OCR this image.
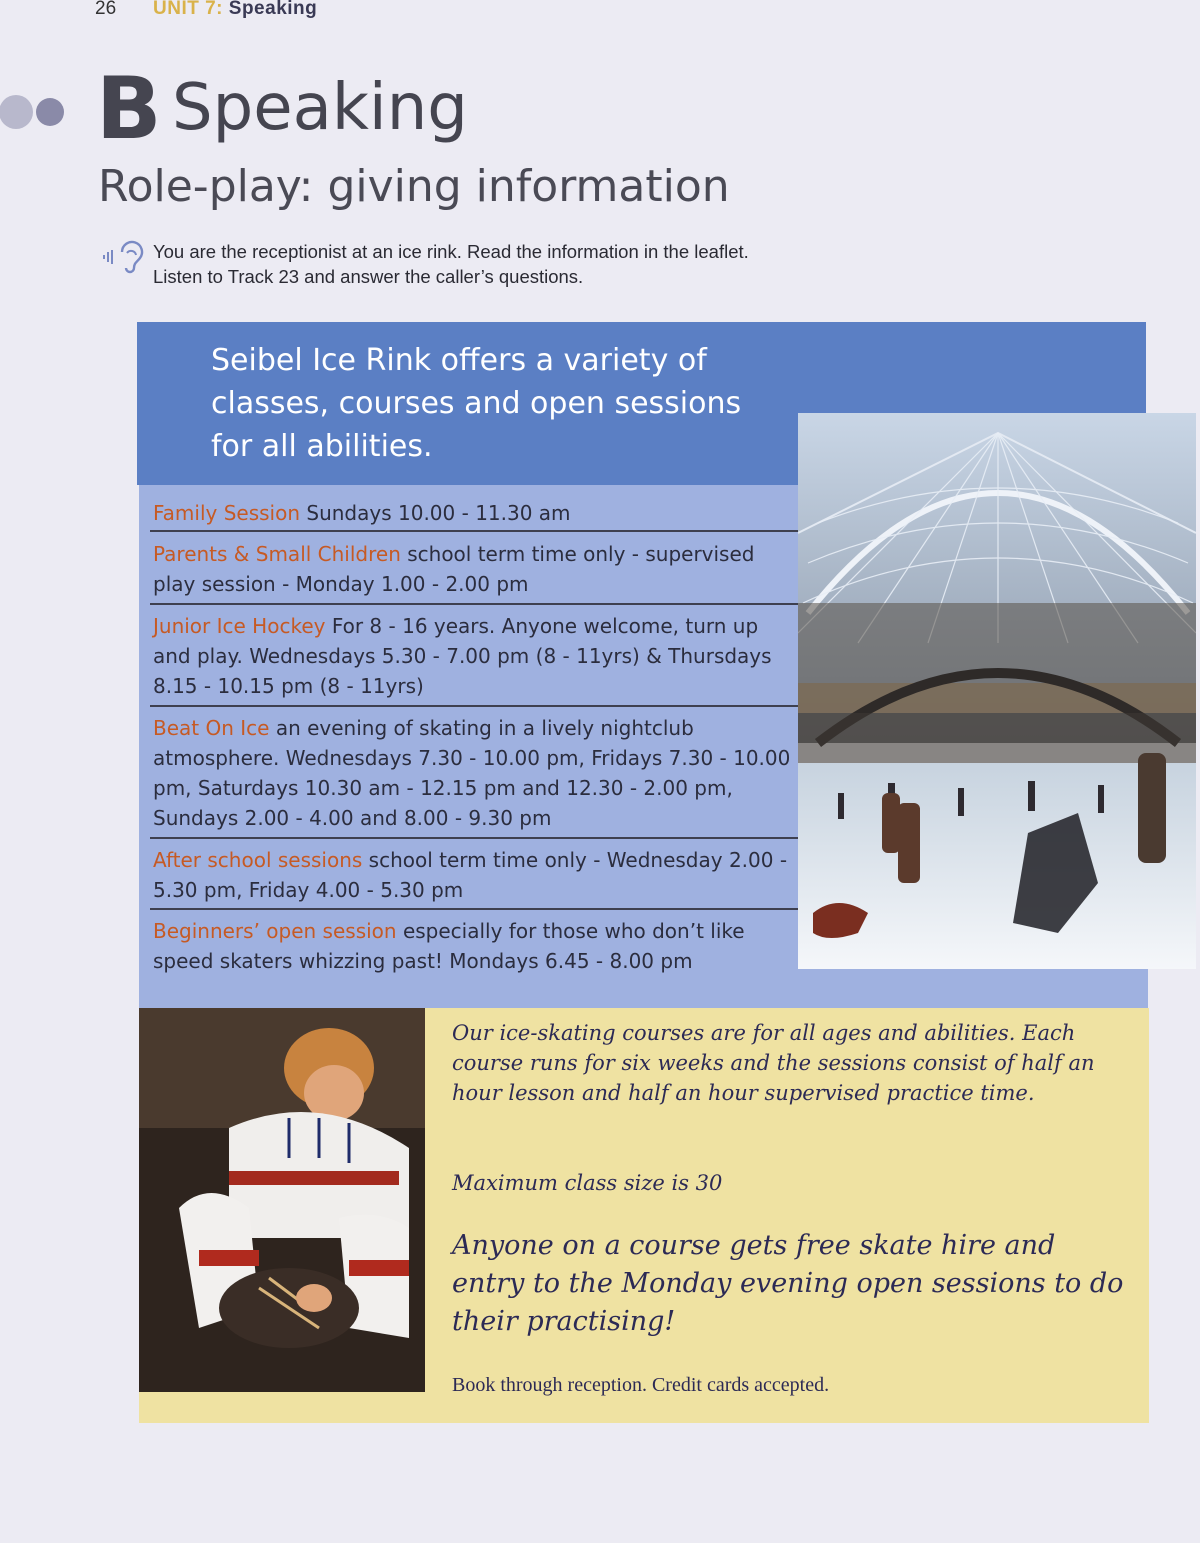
26 UNIT 7: Speaking
B Speaking
Role-play: giving information
You are the receptionist at an ice rink. Read the information in the leaflet.
Listen to Track 23 and answer the caller’s questions.
Seibel Ice Rink offers a variety of classes, courses and open sessions for all abilities.
Family Session Sundays 10.00 - 11.30 am
Parents & Small Children school term time only - supervised play session - Monday 1.00 - 2.00 pm
Junior Ice Hockey For 8 - 16 years. Anyone welcome, turn up and play. Wednesdays 5.30 - 7.00 pm (8 - 11yrs) & Thursdays 8.15 - 10.15 pm (8 - 11yrs)
Beat On Ice an evening of skating in a lively nightclub atmosphere. Wednesdays 7.30 - 10.00 pm, Fridays 7.30 - 10.00 pm, Saturdays 10.30 am - 12.15 pm and 12.30 - 2.00 pm, Sundays 2.00 - 4.00 and 8.00 - 9.30 pm
After school sessions school term time only - Wednesday 2.00 - 5.30 pm, Friday 4.00 - 5.30 pm
Beginners’ open session especially for those who don’t like speed skaters whizzing past! Mondays 6.45 - 8.00 pm
Our ice-skating courses are for all ages and abilities. Each course runs for six weeks and the sessions consist of half an hour lesson and half an hour supervised practice time.
Maximum class size is 30
Anyone on a course gets free skate hire and entry to the Monday evening open sessions to do their practising!
Book through reception. Credit cards accepted.
